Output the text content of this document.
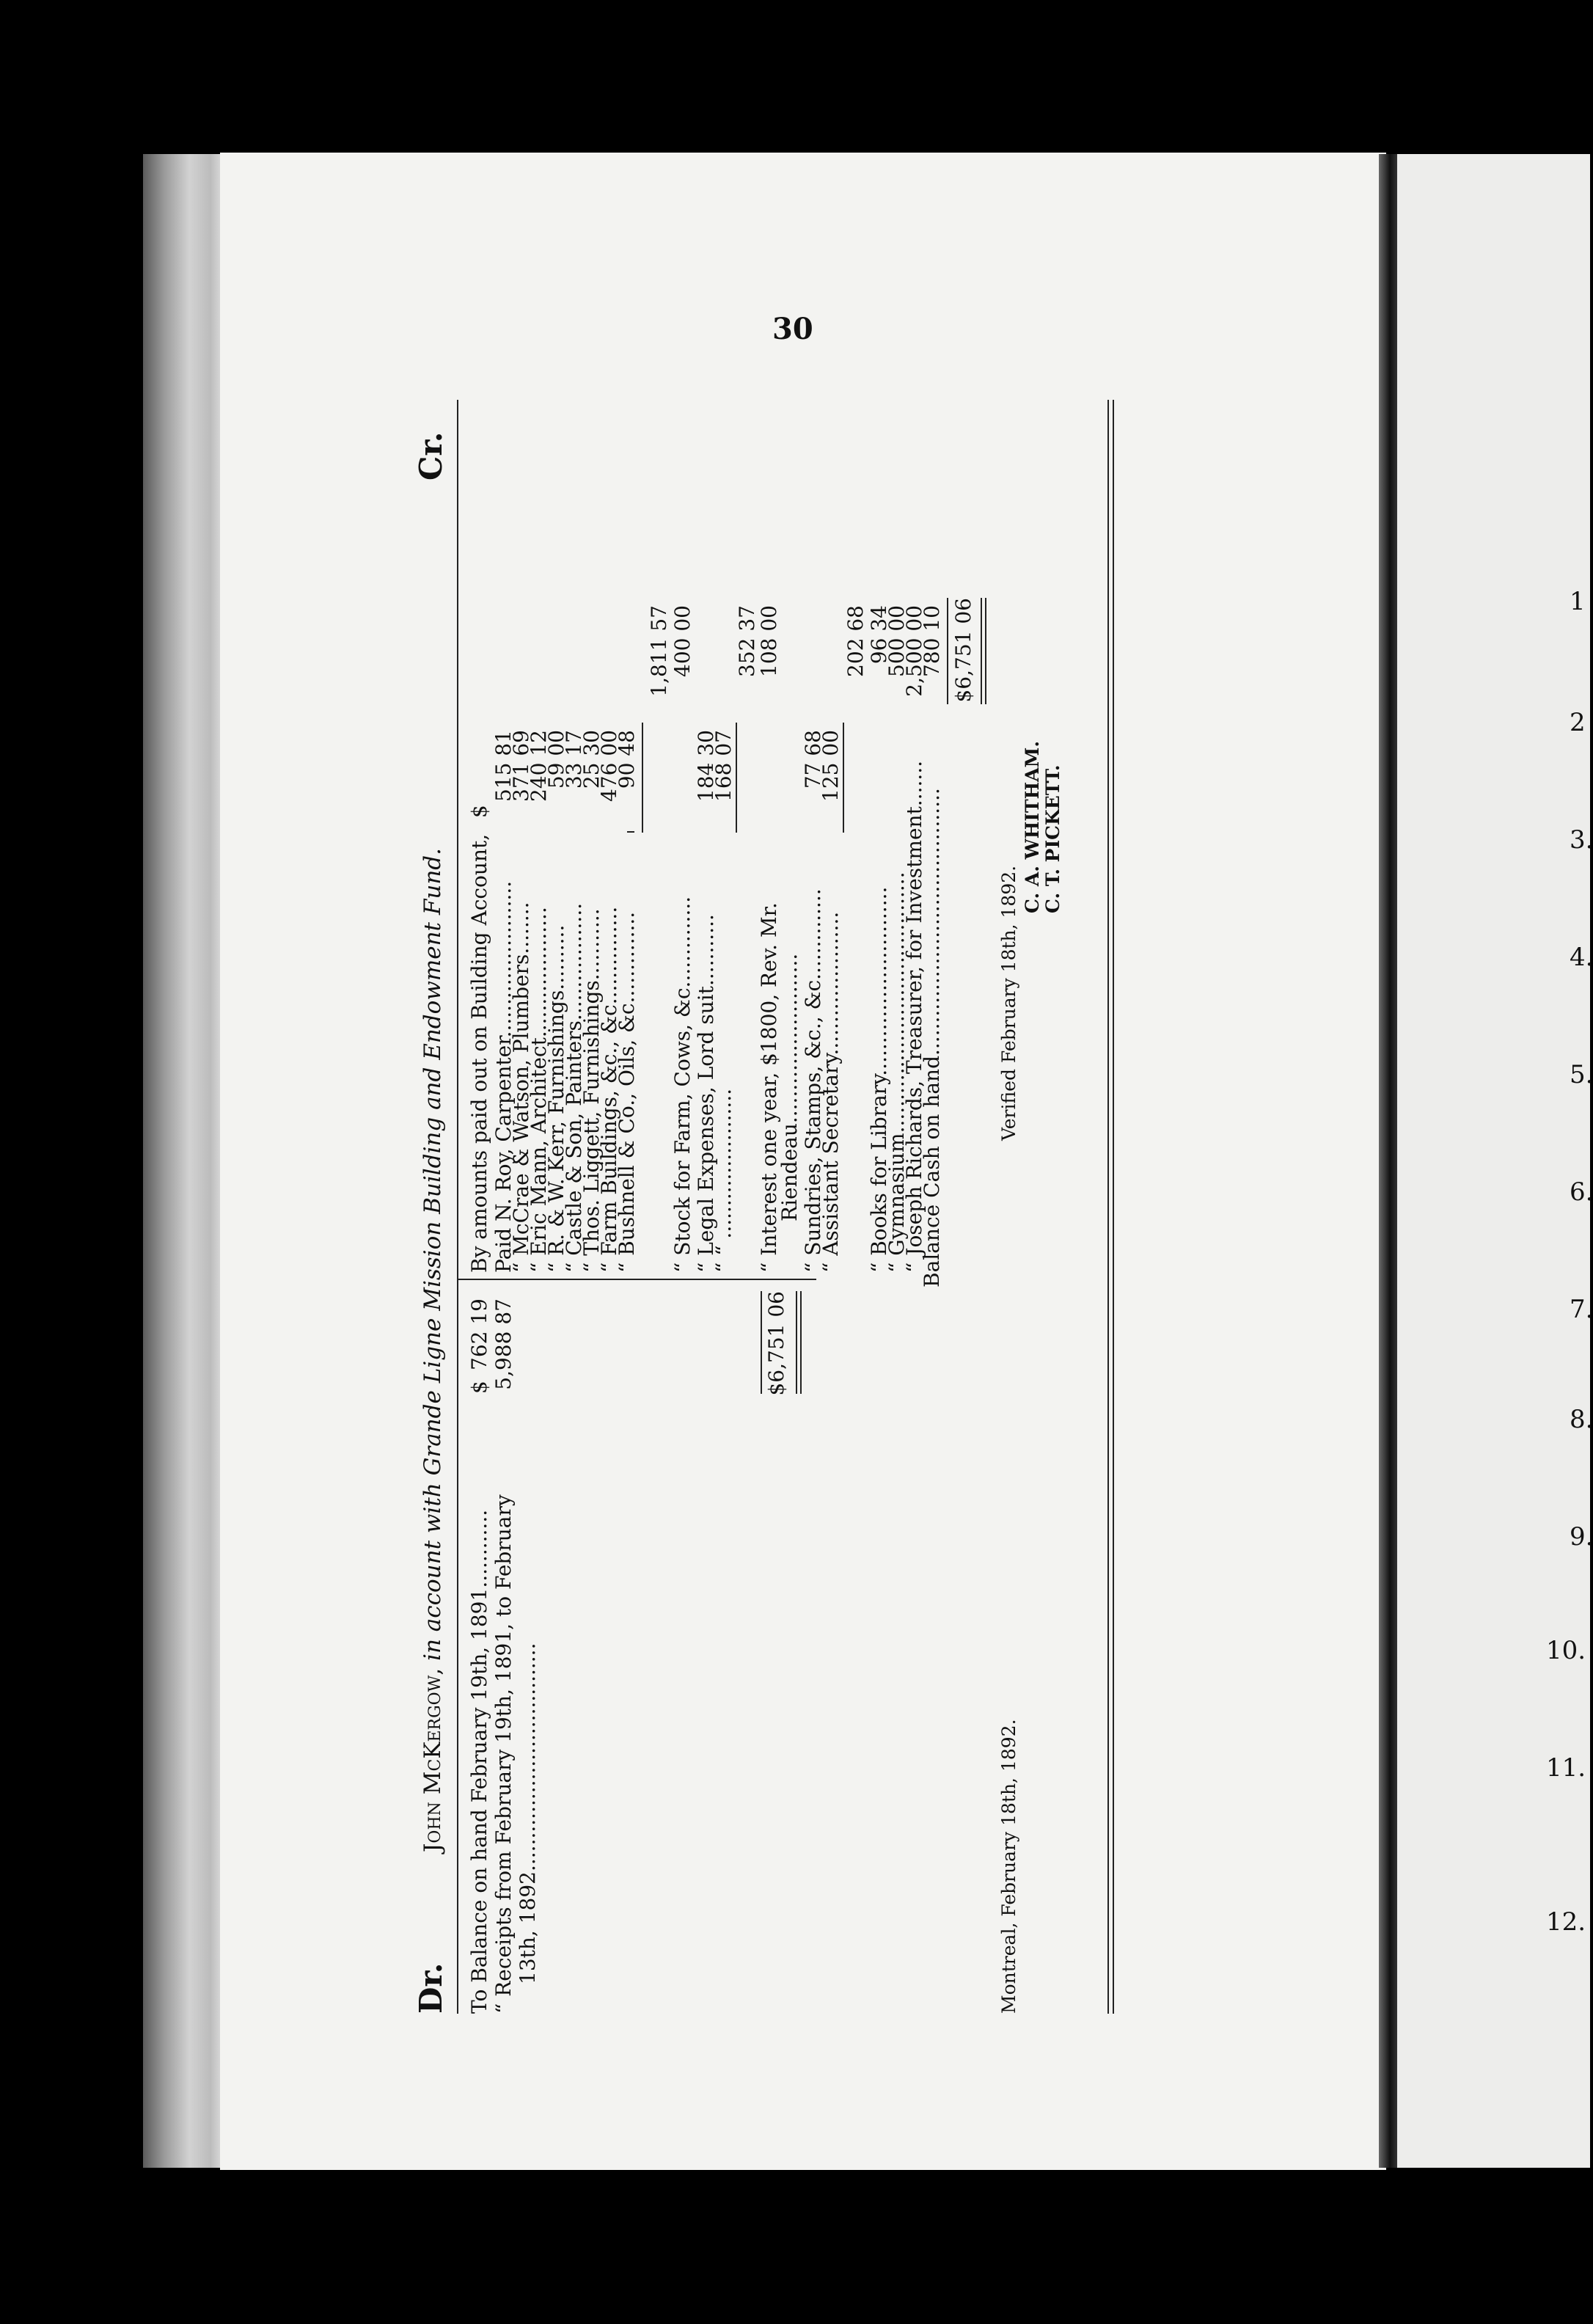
30
Dr.
John McKergow, in account with Grande Ligne Mission Building and Endowment Fund.
Cr.
To Balance on hand February 19th, 1891............ “ Receipts from February 19th, 1891, to February 13th, 1892...................................
$
762 19 5,988 87	$6,751 06
By amounts paid out on Building Account,
$
Paid N. Roy, Carpenter........................
515 81
“ McCrae & Watson, Plumbers........
371 69
“ Eric Mann, Architect....................
240 12
“ R. & W. Kerr, Furnishings..........
59 00
“ Castle & Son, Painters..................
33 17
“ Thos. Liggett, Furnishings...........
25 30
“ Farm Buildings, &c., &c...............
476 00
“ Bushnell & Co., Oils, &c..............
90 48
1,811 57
“ Stock for Farm, Cows, &c..............
400 00
“ Legal Expenses, Lord suit...........
184 30
“ “ .......................
168 07
352 37
“ Interest one year, $1800, Rev. Mr.
Riendeau..........................
108 00
“ Sundries, Stamps, &c., &c..............
77 68
“ Assistant Secretary......................
125 00
202 68
“ Books for Library.............................
96 34
“ Gymnasium........................................
500 00
“ Joseph Richards, Treasurer, for Investment.......
2,500 00
Balance Cash on hand.........................................
780 10 $6,751 06
Montreal, February 18th, 1892.
Verified February 18th, 1892.
C. A. WHITHAM. C. T. PICKETT.
1
2
3.
4.
5.
6.
7.
8.
9.
10.
11.
12.
